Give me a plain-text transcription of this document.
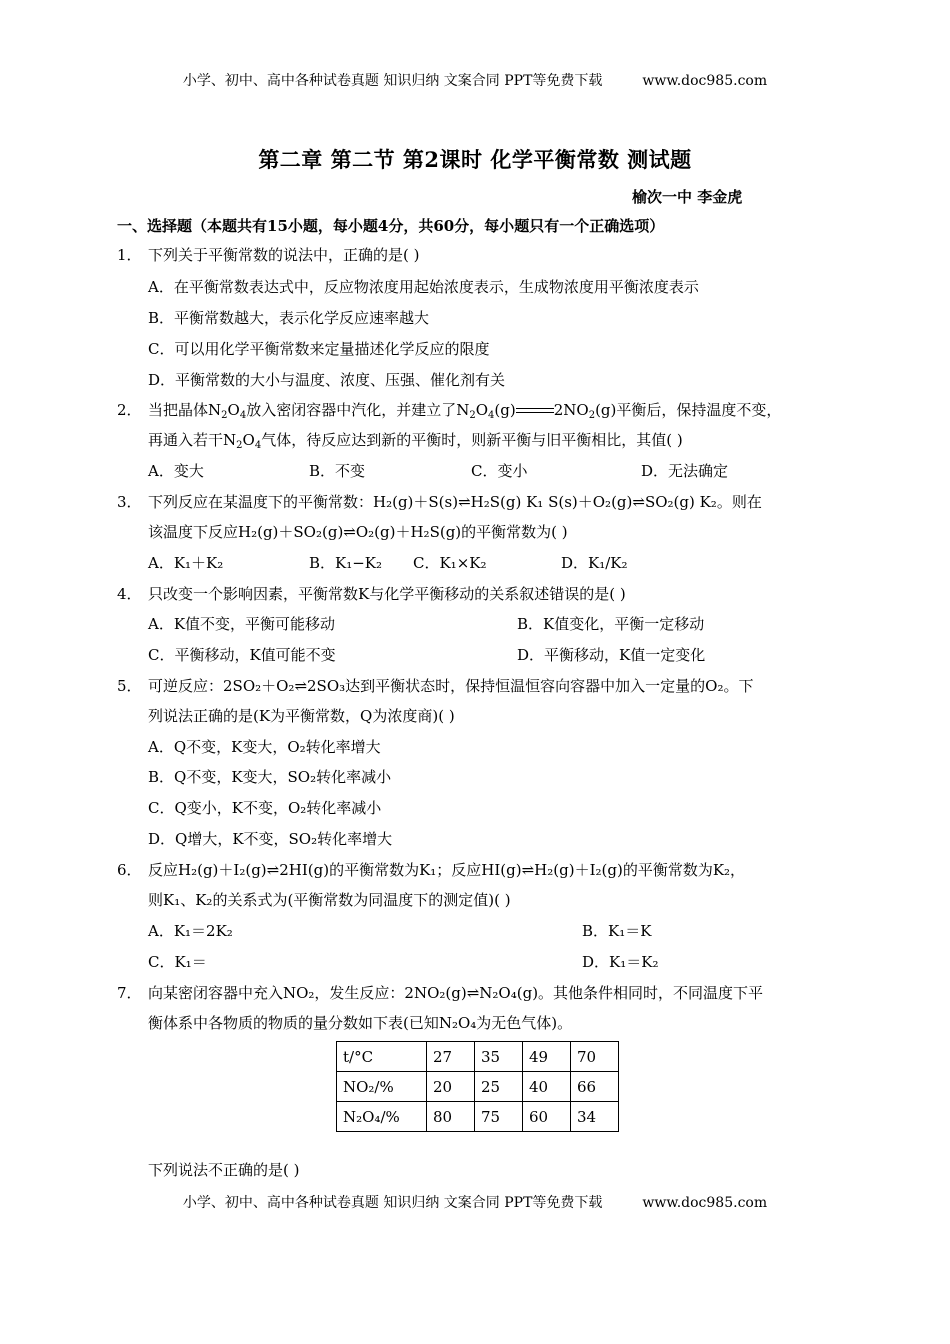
小学、初中、高中各种试卷真题 知识归纳 文案合同 PPT等免费下载	www.doc985.com
第二章 第二节 第2课时 化学平衡常数 测试题
榆次一中 李金虎
一、选择题（本题共有15小题，每小题4分，共60分，每小题只有一个正确选项）
1． 下列关于平衡常数的说法中，正确的是( )
A．在平衡常数表达式中，反应物浓度用起始浓度表示，生成物浓度用平衡浓度表示
B．平衡常数越大，表示化学反应速率越大
C．可以用化学平衡常数来定量描述化学反应的限度
D．平衡常数的大小与温度、浓度、压强、催化剂有关
2． 当把晶体$N_2O_4$放入密闭容器中汽化，并建立了$N_2O_4(g)$	$2NO_2(g)$平衡后，保持温度不变，
再通入若干$N_2O_4$气体，待反应达到新的平衡时，则新平衡与旧平衡相比，其值( )
A．变大	B．不变	C．变小	D．无法确定
3． 下列反应在某温度下的平衡常数：H₂(g)＋S(s)⇌H₂S(g) K₁ S(s)＋O₂(g)⇌SO₂(g) K₂。则在
该温度下反应H₂(g)＋SO₂(g)⇌O₂(g)＋H₂S(g)的平衡常数为( )
A．K₁＋K₂	B．K₁−K₂ C．K₁×K₂	D．K₁/K₂
4． 只改变一个影响因素，平衡常数K与化学平衡移动的关系叙述错误的是( )
A．K值不变，平衡可能移动	B．K值变化，平衡一定移动
C．平衡移动，K值可能不变	D．平衡移动，K值一定变化
5． 可逆反应：2SO₂＋O₂⇌2SO₃达到平衡状态时，保持恒温恒容向容器中加入一定量的O₂。下
列说法正确的是(K为平衡常数，Q为浓度商)( )
A．Q不变，K变大，O₂转化率增大
B．Q不变，K变大，SO₂转化率减小
C．Q变小，K不变，O₂转化率减小
D．Q增大，K不变，SO₂转化率增大
6． 反应H₂(g)＋I₂(g)⇌2HI(g)的平衡常数为K₁；反应HI(g)⇌H₂(g)＋I₂(g)的平衡常数为K₂，
则K₁、K₂的关系式为(平衡常数为同温度下的测定值)( )
A．K₁＝2K₂	B．K₁＝K
C．K₁＝	D．K₁＝K₂
7． 向某密闭容器中充入NO₂，发生反应：2NO₂(g)⇌N₂O₄(g)。其他条件相同时，不同温度下平
衡体系中各物质的物质的量分数如下表(已知N₂O₄为无色气体)。
t/°C	27	35	49	70
NO₂/%	20	25	40	66
N₂O₄/%	80	75	60	34
下列说法不正确的是( )
小学、初中、高中各种试卷真题 知识归纳 文案合同 PPT等免费下载	www.doc985.com
